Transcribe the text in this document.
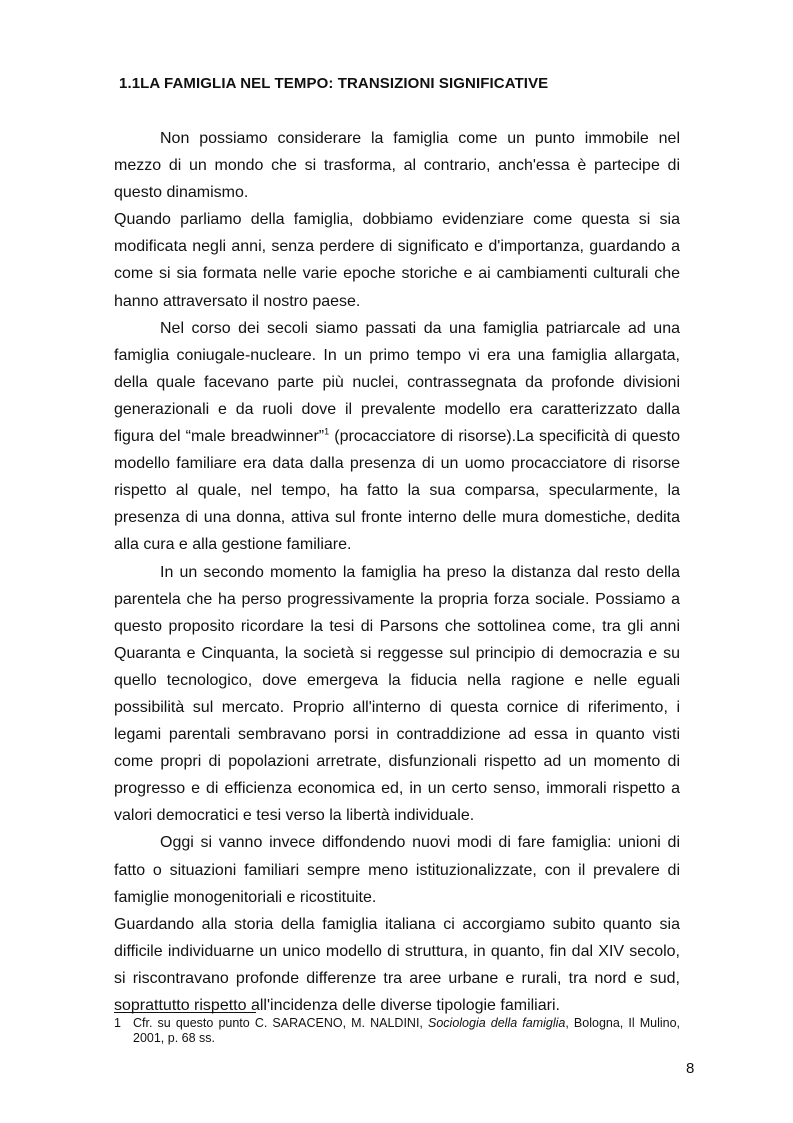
1.1LA FAMIGLIA NEL TEMPO: TRANSIZIONI SIGNIFICATIVE

Non possiamo considerare la famiglia come un punto immobile nel mezzo di un mondo che si trasforma, al contrario, anch'essa è partecipe di questo dinamismo.

Quando parliamo della famiglia, dobbiamo evidenziare come questa si sia modificata negli anni, senza perdere di significato e d'importanza, guardando a come si sia formata nelle varie epoche storiche e ai cambiamenti culturali che hanno attraversato il nostro paese.

Nel corso dei secoli siamo passati da una famiglia patriarcale ad una famiglia coniugale-nucleare. In un primo tempo vi era una famiglia allargata, della quale facevano parte più nuclei, contrassegnata da profonde divisioni generazionali e da ruoli dove il prevalente modello era caratterizzato dalla figura del “male breadwinner”$^1$ (procacciatore di risorse).La specificità di questo modello familiare era data dalla presenza di un uomo procacciatore di risorse rispetto al quale, nel tempo, ha fatto la sua comparsa, specularmente, la presenza di una donna, attiva sul fronte interno delle mura domestiche, dedita alla cura e alla gestione familiare.

In un secondo momento la famiglia ha preso la distanza dal resto della parentela che ha perso progressivamente la propria forza sociale. Possiamo a questo proposito ricordare la tesi di Parsons che sottolinea come, tra gli anni Quaranta e Cinquanta, la società si reggesse sul principio di democrazia e su quello tecnologico, dove emergeva la fiducia nella ragione e nelle eguali possibilità sul mercato. Proprio all'interno di questa cornice di riferimento, i legami parentali sembravano porsi in contraddizione ad essa in quanto visti come propri di popolazioni arretrate, disfunzionali rispetto ad un momento di progresso e di efficienza economica ed, in un certo senso, immorali rispetto a valori democratici e tesi verso la libertà individuale.

Oggi si vanno invece diffondendo nuovi modi di fare famiglia: unioni di fatto o situazioni familiari sempre meno istituzionalizzate, con il prevalere di famiglie monogenitoriali e ricostituite.

Guardando alla storia della famiglia italiana ci accorgiamo subito quanto sia difficile individuarne un unico modello di struttura, in quanto, fin dal XIV secolo, si riscontravano profonde differenze tra aree urbane e rurali, tra nord e sud, soprattutto rispetto all'incidenza delle diverse tipologie familiari.

1 Cfr. su questo punto C. SARACENO, M. NALDINI, Sociologia della famiglia, Bologna, Il Mulino, 2001, p. 68 ss.
8
